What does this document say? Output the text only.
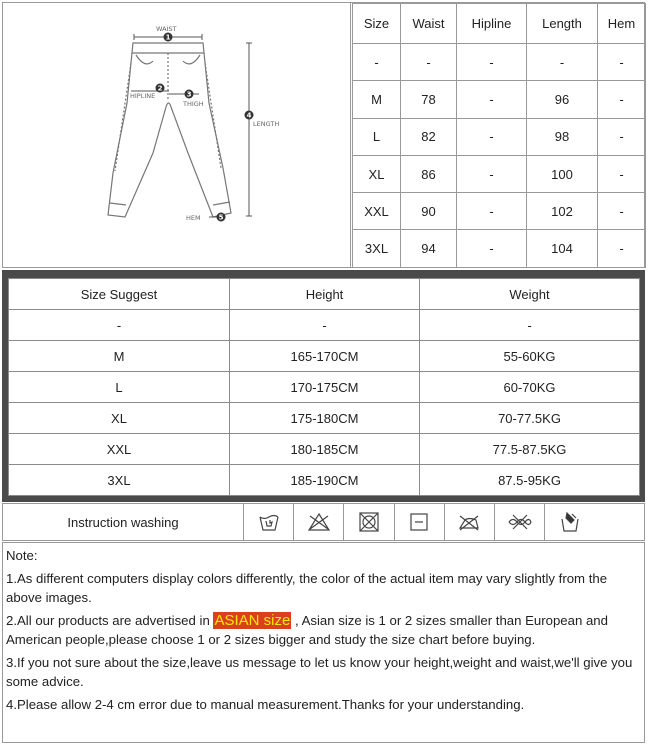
1
2
3
4
5
WAIST
HIPLINE
THIGH
LENGTH
HEM
Size	Waist	Hipline	Length	Hem
-	-	-	-	-
M	78	-	96	-
L	82	-	98	-
XL	86	-	100	-
XXL	90	-	102	-
3XL	94	-	104	-
Size Suggest	Height	Weight
-	-	-
M	165-170CM	55-60KG
L	170-175CM	60-70KG
XL	175-180CM	70-77.5KG
XXL	180-185CM	77.5-87.5KG
3XL	185-190CM	87.5-95KG
Instruction washing

Note:

1.As different computers display colors differently, the color of the actual item may vary slightly from the above images.

2.All our products are advertised in ASIAN size , Asian size is 1 or 2 sizes smaller than European and

American people,please choose 1 or 2 sizes bigger and study the size chart before buying.

3.If you not sure about the size,leave us message to let us know your height,weight and waist,we'll give you some advice.

4.Please allow 2-4 cm error due to manual measurement.Thanks for your understanding.
